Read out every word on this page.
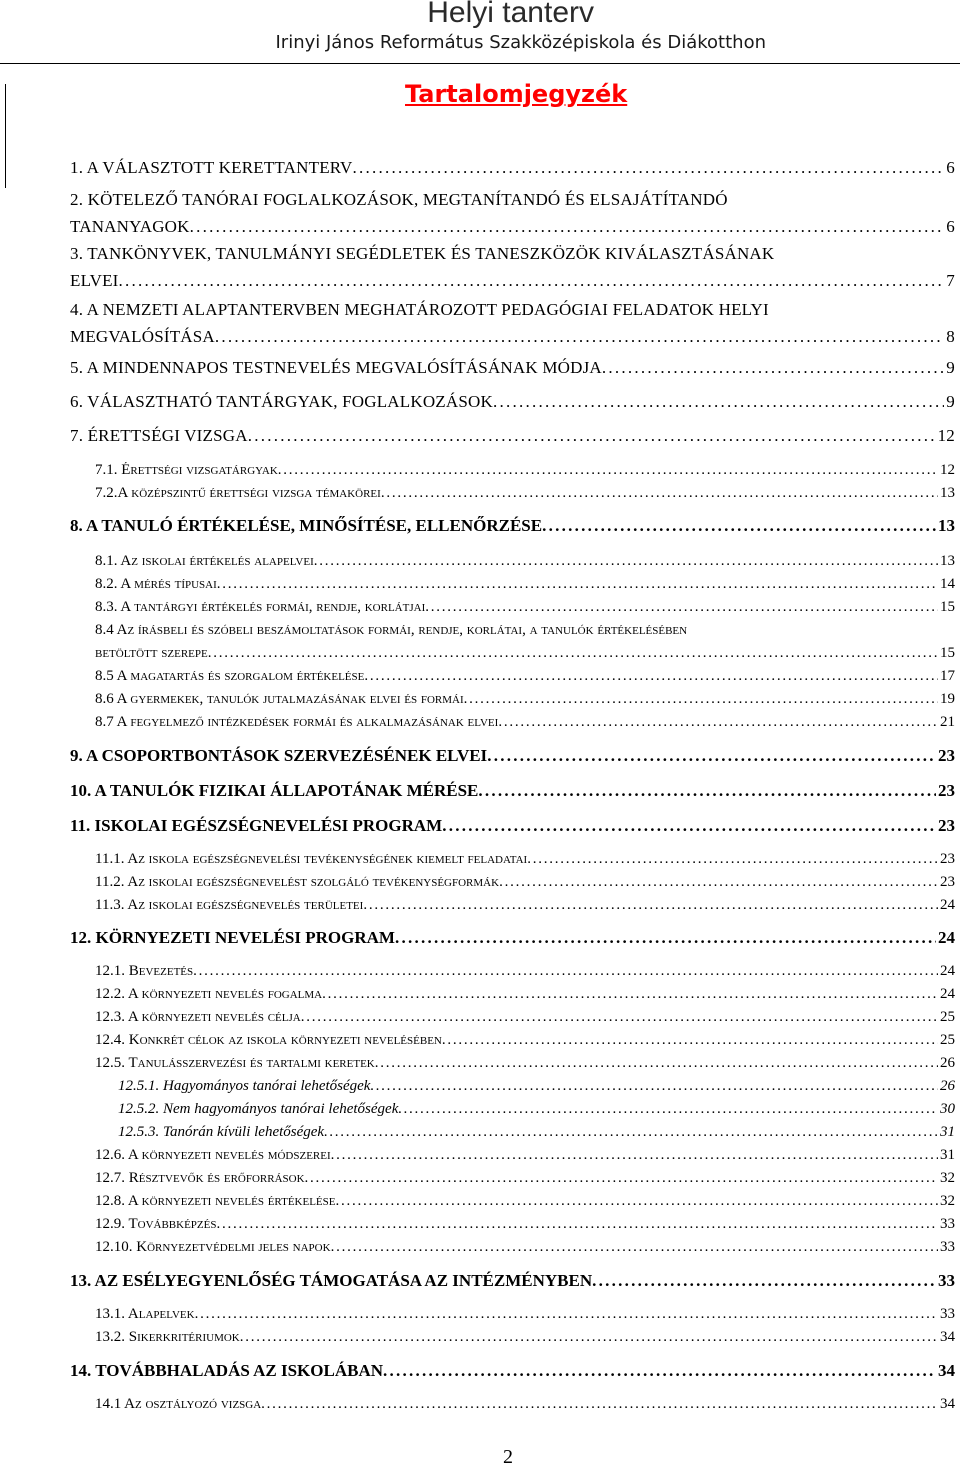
Helyi tanterv
Irinyi János Református Szakközépiskola és Diákotthon
Tartalomjegyzék
1. A VÁLASZTOTT KERETTANTERV . . .	6
2. KÖTELEZŐ TANÓRAI FOGLALKOZÁSOK, MEGTANÍTANDÓ ÉS ELSAJÁTÍTANDÓ
TANANYAGOK . . .	6
3. TANKÖNYVEK, TANULMÁNYI SEGÉDLETEK ÉS TANESZKÖZÖK KIVÁLASZTÁSÁNAK
ELVEI . . .	7
4. A NEMZETI ALAPTANTERVBEN MEGHATÁROZOTT PEDAGÓGIAI FELADATOK HELYI
MEGVALÓSÍTÁSA . . .	8
5. A MINDENNAPOS TESTNEVELÉS MEGVALÓSÍTÁSÁNAK MÓDJA . . .	9
6. VÁLASZTHATÓ TANTÁRGYAK, FOGLALKOZÁSOK . . .	9
7. ÉRETTSÉGI VIZSGA . . .	12
7.1. Érettségi vizsgatárgyak . . .	12
7.2.A középszintű érettségi vizsga témakörei . . .	13
8. A TANULÓ ÉRTÉKELÉSE, MINŐSÍTÉSE, ELLENŐRZÉSE . . .	13
8.1. Az iskolai értékelés alapelvei . . .	13
8.2. A mérés típusai . . .	14
8.3. A tantárgyi értékelés formái, rendje, korlátjai . . .	15
8.4 Az írásbeli és szóbeli beszámoltatások formái, rendje, korlátai, a tanulók értékelésében
betöltött szerepe . . .	15
8.5 A magatartás és szorgalom értékelése . . .	17
8.6 A gyermekek, tanulók jutalmazásának elvei és formái . . .	19
8.7 A fegyelmező intézkedések formái és alkalmazásának elvei . . .	21
9. A CSOPORTBONTÁSOK SZERVEZÉSÉNEK ELVEI . . .	23
10. A TANULÓK FIZIKAI ÁLLAPOTÁNAK MÉRÉSE . . .	23
11. ISKOLAI EGÉSZSÉGNEVELÉSI PROGRAM . . .	23
11.1. Az iskola egészségnevelési tevékenységének kiemelt feladatai . . .	23
11.2. Az iskolai egészségnevelést szolgáló tevékenységformák . . .	23
11.3. Az iskolai egészségnevelés területei . . .	24
12. KÖRNYEZETI NEVELÉSI PROGRAM . . .	24
12.1. Bevezetés . . .	24
12.2. A környezeti nevelés fogalma . . .	24
12.3. A környezeti nevelés célja . . .	25
12.4. Konkrét célok az iskola környezeti nevelésében . . .	25
12.5. Tanulásszervezési és tartalmi keretek . . .	26
12.5.1. Hagyományos tanórai lehetőségek . . .	26
12.5.2. Nem hagyományos tanórai lehetőségek . . .	30
12.5.3. Tanórán kívüli lehetőségek . . .	31
12.6. A környezeti nevelés módszerei . . .	31
12.7. Résztvevők és erőforrások . . .	32
12.8. A környezeti nevelés értékelése . . .	32
12.9. Továbbképzés . . .	33
12.10. Környezetvédelmi jeles napok . . .	33
13. AZ ESÉLYEGYENLŐSÉG TÁMOGATÁSA AZ INTÉZMÉNYBEN . . .	33
13.1. Alapelvek . . .	33
13.2. Sikerkritériumok . . .	34
14. TOVÁBBHALADÁS AZ ISKOLÁBAN . . .	34
14.1 Az osztályozó vizsga . . .	34
2
